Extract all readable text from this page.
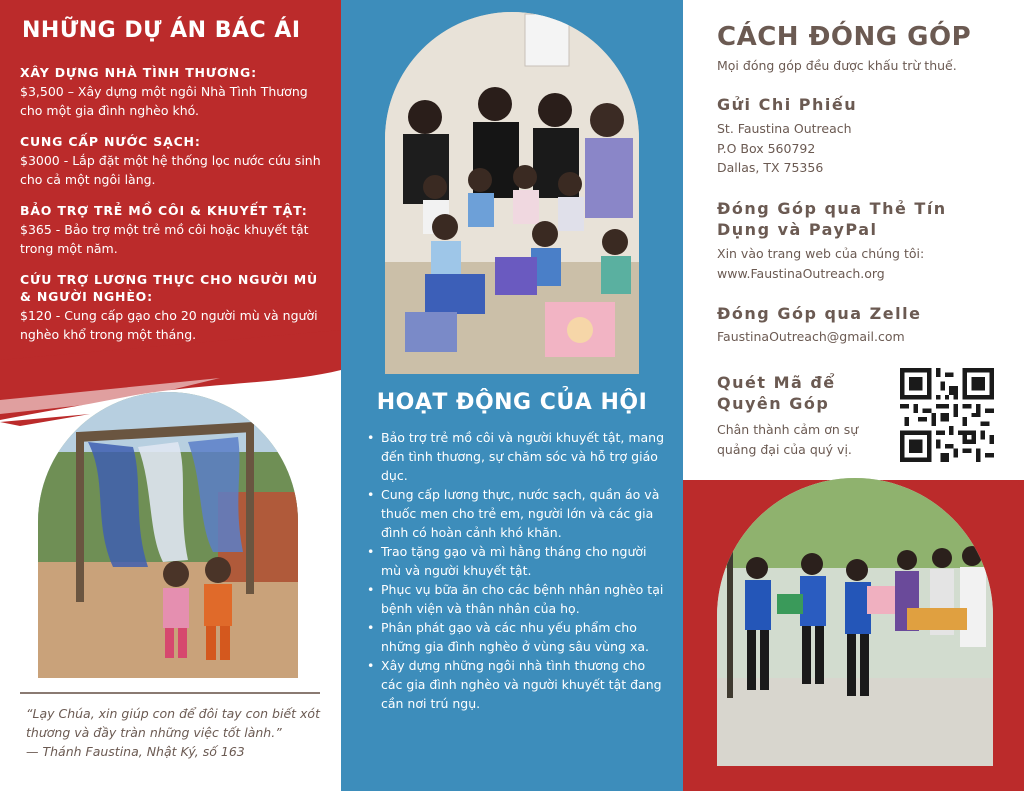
NHỮNG DỰ ÁN BÁC ÁI
XÂY DỰNG NHÀ TÌNH THƯƠNG:
$3,500 – Xây dựng một ngôi Nhà Tình Thương cho một gia đình nghèo khó.
CUNG CẤP NƯỚC SẠCH:
$3000 - Lắp đặt một hệ thống lọc nước cứu sinh cho cả một ngôi làng.
BẢO TRỢ TRẺ MỒ CÔI & KHUYẾT TẬT:
$365 - Bảo trợ một trẻ mồ côi hoặc khuyết tật trong một năm.
CỨU TRỢ LƯƠNG THỰC CHO NGƯỜI MÙ & NGƯỜI NGHÈO:
$120 - Cung cấp gạo cho 20 người mù và người nghèo khổ trong một tháng.

“Lạy Chúa, xin giúp con để đôi tay con biết xót thương và đầy tràn những việc tốt lành.”
— Thánh Faustina, Nhật Ký, số 163

HOẠT ĐỘNG CỦA HỘI
• Bảo trợ trẻ mồ côi và người khuyết tật, mang đến tình thương, sự chăm sóc và hỗ trợ giáo dục.
• Cung cấp lương thực, nước sạch, quần áo và thuốc men cho trẻ em, người lớn và các gia đình có hoàn cảnh khó khăn.
• Trao tặng gạo và mì hằng tháng cho người mù và người khuyết tật.
• Phục vụ bữa ăn cho các bệnh nhân nghèo tại bệnh viện và thân nhân của họ.
• Phân phát gạo và các nhu yếu phẩm cho những gia đình nghèo ở vùng sâu vùng xa.
• Xây dựng những ngôi nhà tình thương cho các gia đình nghèo và người khuyết tật đang cần nơi trú ngụ.
CÁCH ĐÓNG GÓP
Mọi đóng góp đều được khấu trừ thuế.
Gửi Chi Phiếu
St. Faustina Outreach
P.O Box 560792
Dallas, TX 75356
Đóng Góp qua Thẻ Tín Dụng và PayPal
Xin vào trang web của chúng tôi:
www.FaustinaOutreach.org
Đóng Góp qua Zelle
FaustinaOutreach@gmail.com
Quét Mã để Quyên Góp
Chân thành cảm ơn sự quảng đại của quý vị.
